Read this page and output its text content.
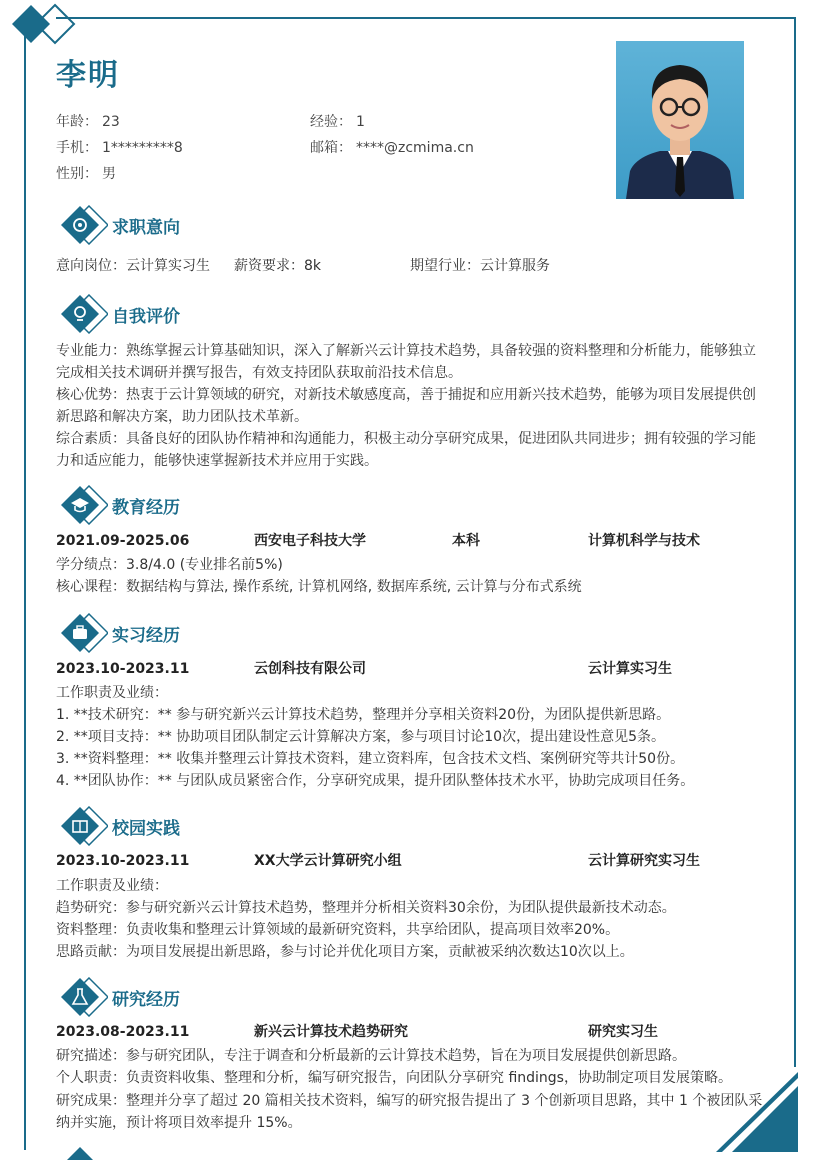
李明
年龄： 23	经验： 1
手机： 1*********8	邮箱： ****@zcmima.cn
性别： 男
求职意向
意向岗位：云计算实习生 薪资要求：8k	期望行业：云计算服务
自我评价
专业能力：熟练掌握云计算基础知识，深入了解新兴云计算技术趋势，具备较强的资料整理和分析能力，能够独立完成相关技术调研并撰写报告，有效支持团队获取前沿技术信息。
核心优势：热衷于云计算领域的研究，对新技术敏感度高，善于捕捉和应用新兴技术趋势，能够为项目发展提供创新思路和解决方案，助力团队技术革新。
综合素质：具备良好的团队协作精神和沟通能力，积极主动分享研究成果，促进团队共同进步；拥有较强的学习能力和适应能力，能够快速掌握新技术并应用于实践。
教育经历
2021.09-2025.06	西安电子科技大学	本科	计算机科学与技术
学分绩点：3.8/4.0 (专业排名前5%)
核心课程：数据结构与算法, 操作系统, 计算机网络, 数据库系统, 云计算与分布式系统
实习经历
2023.10-2023.11	云创科技有限公司	云计算实习生
工作职责及业绩：
1. **技术研究：** 参与研究新兴云计算技术趋势，整理并分享相关资料20份，为团队提供新思路。
2. **项目支持：** 协助项目团队制定云计算解决方案，参与项目讨论10次，提出建设性意见5条。
3. **资料整理：** 收集并整理云计算技术资料，建立资料库，包含技术文档、案例研究等共计50份。
4. **团队协作：** 与团队成员紧密合作，分享研究成果，提升团队整体技术水平，协助完成项目任务。
校园实践
2023.10-2023.11	XX大学云计算研究小组	云计算研究实习生
工作职责及业绩：
趋势研究：参与研究新兴云计算技术趋势，整理并分析相关资料30余份，为团队提供最新技术动态。
资料整理：负责收集和整理云计算领域的最新研究资料，共享给团队，提高项目效率20%。
思路贡献：为项目发展提出新思路，参与讨论并优化项目方案，贡献被采纳次数达10次以上。
研究经历
2023.08-2023.11	新兴云计算技术趋势研究	研究实习生
研究描述：参与研究团队，专注于调查和分析最新的云计算技术趋势，旨在为项目发展提供创新思路。
个人职责：负责资料收集、整理和分析，编写研究报告，向团队分享研究 findings，协助制定项目发展策略。
研究成果：整理并分享了超过 20 篇相关技术资料，编写的研究报告提出了 3 个创新项目思路，其中 1 个被团队采纳并实施，预计将项目效率提升 15%。
